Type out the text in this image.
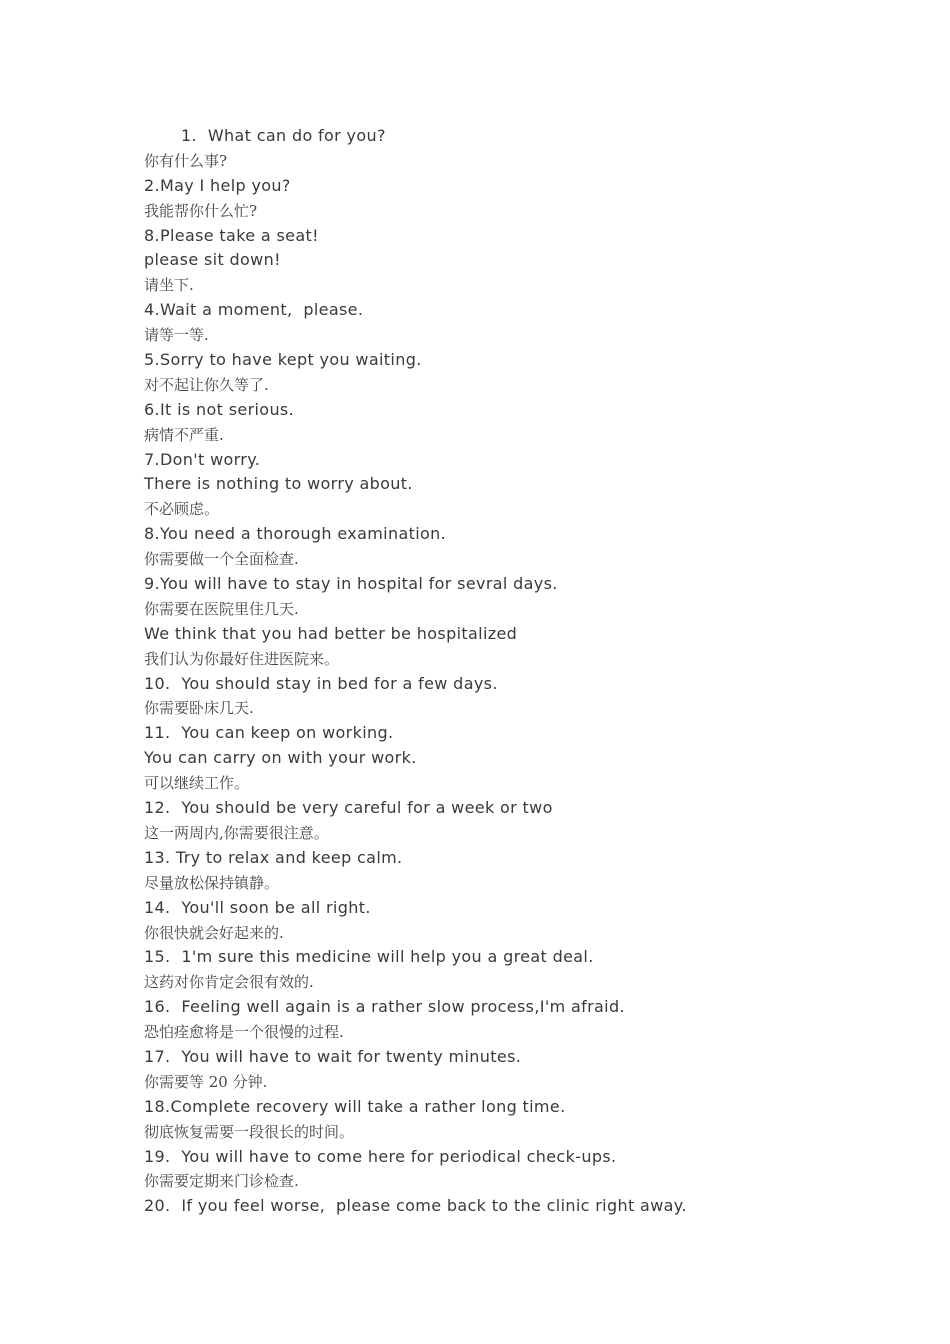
1.  What can do for you?
你有什么事?
2.May I help you?
我能帮你什么忙?
8.Please take a seat!
please sit down!
请坐下.
4.Wait a moment,  please.
请等一等.
5.Sorry to have kept you waiting.
对不起让你久等了.
6.It is not serious.
病情不严重.
7.Don't worry.
There is nothing to worry about.
不必顾虑。
8.You need a thorough examination.
你需要做一个全面检查.
9.You will have to stay in hospital for sevral days.
你需要在医院里住几天.
We think that you had better be hospitalized
我们认为你最好住进医院来。
10.  You should stay in bed for a few days.
你需要卧床几天.
11.  You can keep on working.
You can carry on with your work.
可以继续工作。
12.  You should be very careful for a week or two
这一两周内,你需要很注意。
13. Try to relax and keep calm.
尽量放松保持镇静。
14.  You'll soon be all right.
你很快就会好起来的.
15.  1'm sure this medicine will help you a great deal.
这药对你肯定会很有效的.
16.  Feeling well again is a rather slow process,I'm afraid.
恐怕痊愈将是一个很慢的过程.
17.  You will have to wait for twenty minutes.
你需要等 20 分钟.
18.Complete recovery will take a rather long time.
彻底恢复需要一段很长的时间。
19.  You will have to come here for periodical check-ups.
你需要定期来门诊检查.
20.  If you feel worse,  please come back to the clinic right away.
